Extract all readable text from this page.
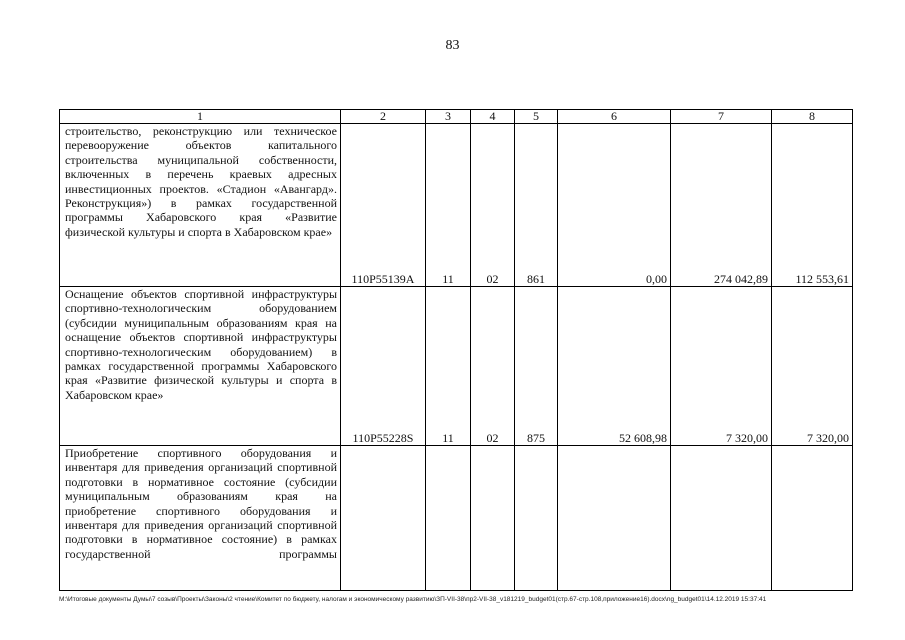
83
1	2	3	4	5	6	7	8
строительство, реконструкцию или техническое перевооружение объектов капитального строительства муниципальной собственности, включенных в перечень краевых адресных инвестиционных проектов. «Стадион «Авангард». Реконструкция») в рамках государственной программы Хабаровского края «Развитие физической культуры и спорта в Хабаровском крае»	110Р55139А	11	02	861	0,00	274 042,89	112 553,61
Оснащение объектов спортивной инфраструктуры спортивно-технологическим оборудованием (субсидии муниципальным образованиям края на оснащение объектов спортивной инфраструктуры спортивно-технологическим оборудованием) в рамках государственной программы Хабаровского края «Развитие физической культуры и спорта в Хабаровском крае»	110Р55228S	11	02	875	52 608,98	7 320,00	7 320,00
Приобретение спортивного оборудования и инвентаря для приведения организаций спортивной подготовки в нормативное состояние (субсидии муниципальным образованиям края на приобретение спортивного оборудования и инвентаря для приведения организаций спортивной подготовки в нормативное состояние) в рамках государственной программы							
M:\Итоговые документы Думы\7 созыв\Проекты\Законы\2 чтение\Комитет по бюджету, налогам и экономическому развитию\ЗП-VII-38\пр2-VII-38_v181219_budget01(стр.67-стр.108,приложение16).docx\ng_budget01\14.12.2019 15:37:41
